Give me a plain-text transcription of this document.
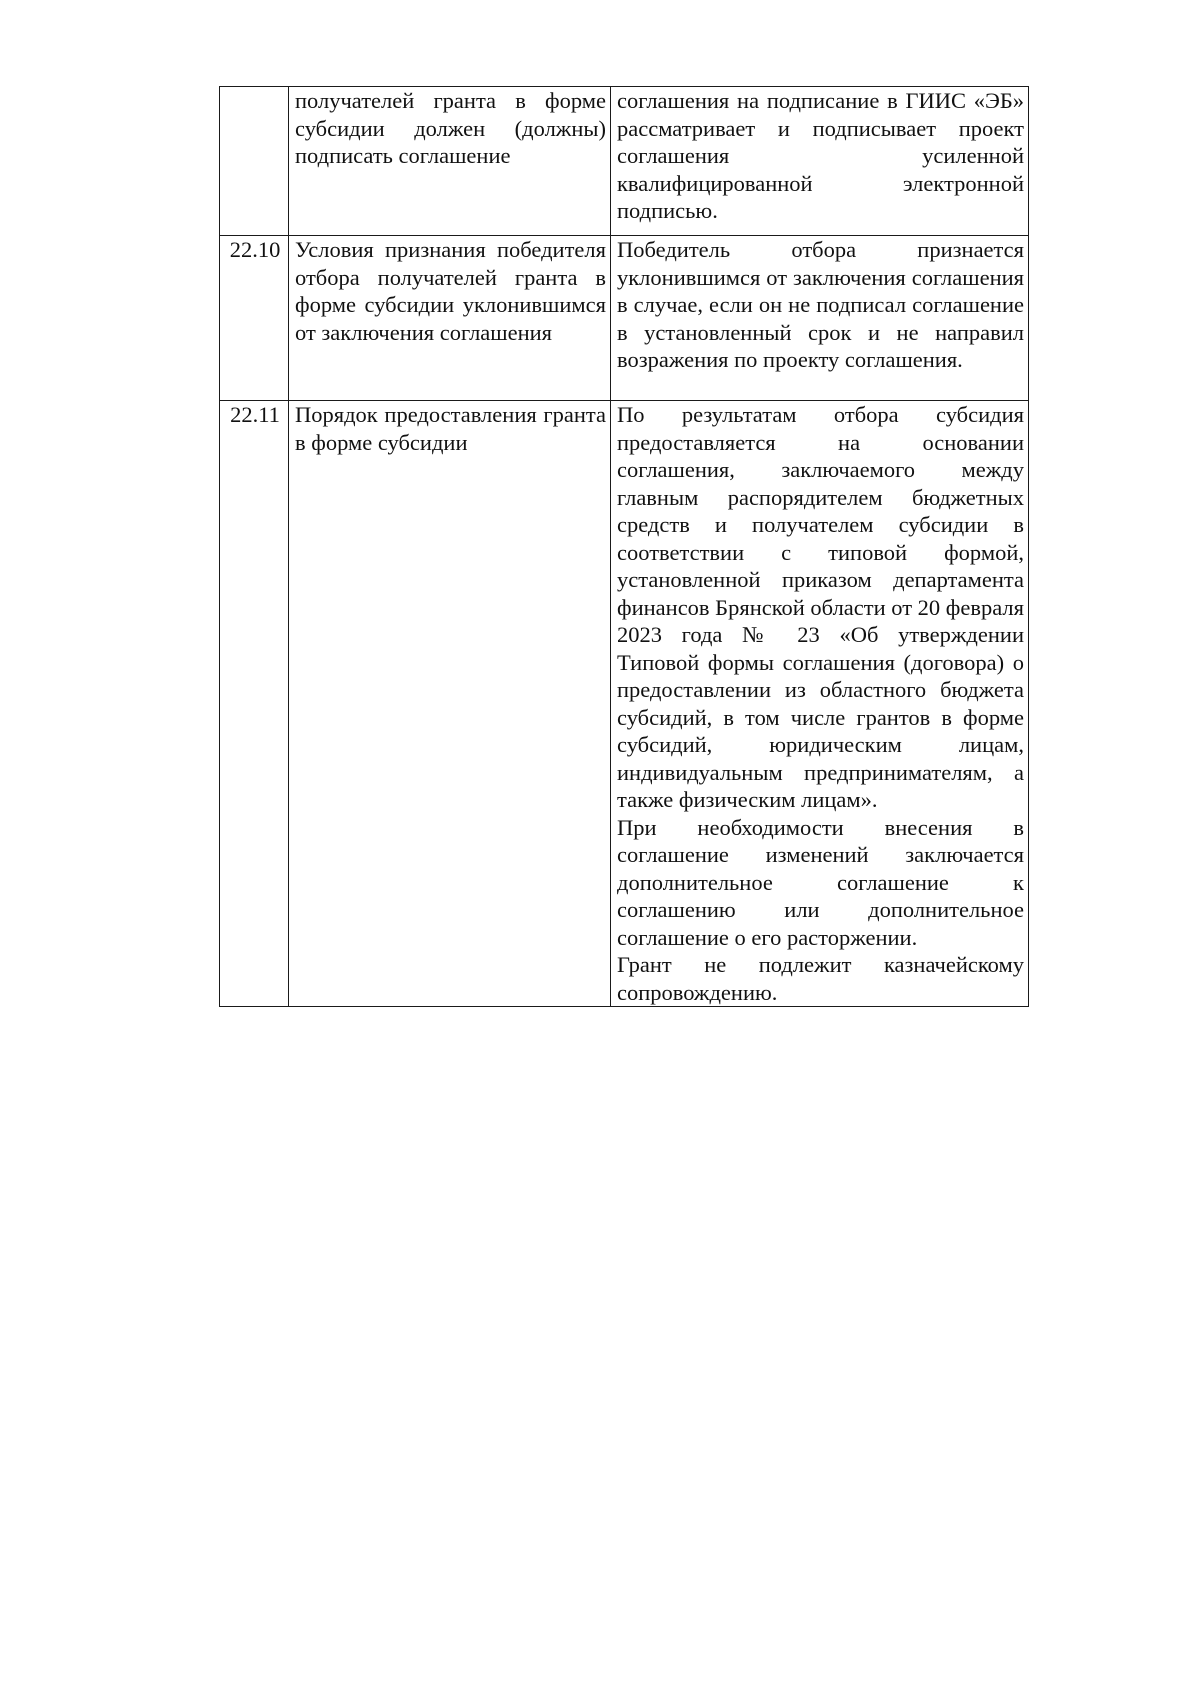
	получателей гранта в форме субсидии должен (должны) подписать соглашение	соглашения на подписание в ГИИС «ЭБ» рассматривает и подписывает проект соглашения усиленной квалифицированной электронной подписью.

22.10	Условия признания победителя отбора получателей гранта в форме субсидии уклонившимся от заключения соглашения	Победитель отбора признается уклонившимся от заключения соглашения в случае, если он не подписал соглашение в установленный срок и не направил возражения по проекту соглашения.

22.11	Порядок предоставления гранта в форме субсидии	По результатам отбора субсидия предоставляется на основании соглашения, заключаемого между главным распорядителем бюджетных средств и получателем субсидии в соответствии с типовой формой, установленной приказом департамента финансов Брянской области от 20 февраля 2023 года № 23 «Об утверждении Типовой формы соглашения (договора) о предоставлении из областного бюджета субсидий, в том числе грантов в форме субсидий, юридическим лицам, индивидуальным предпринимателям, а также физическим лицам».
При необходимости внесения в соглашение изменений заключается дополнительное соглашение к соглашению или дополнительное соглашение о его расторжении.
Грант не подлежит казначейскому сопровождению.
